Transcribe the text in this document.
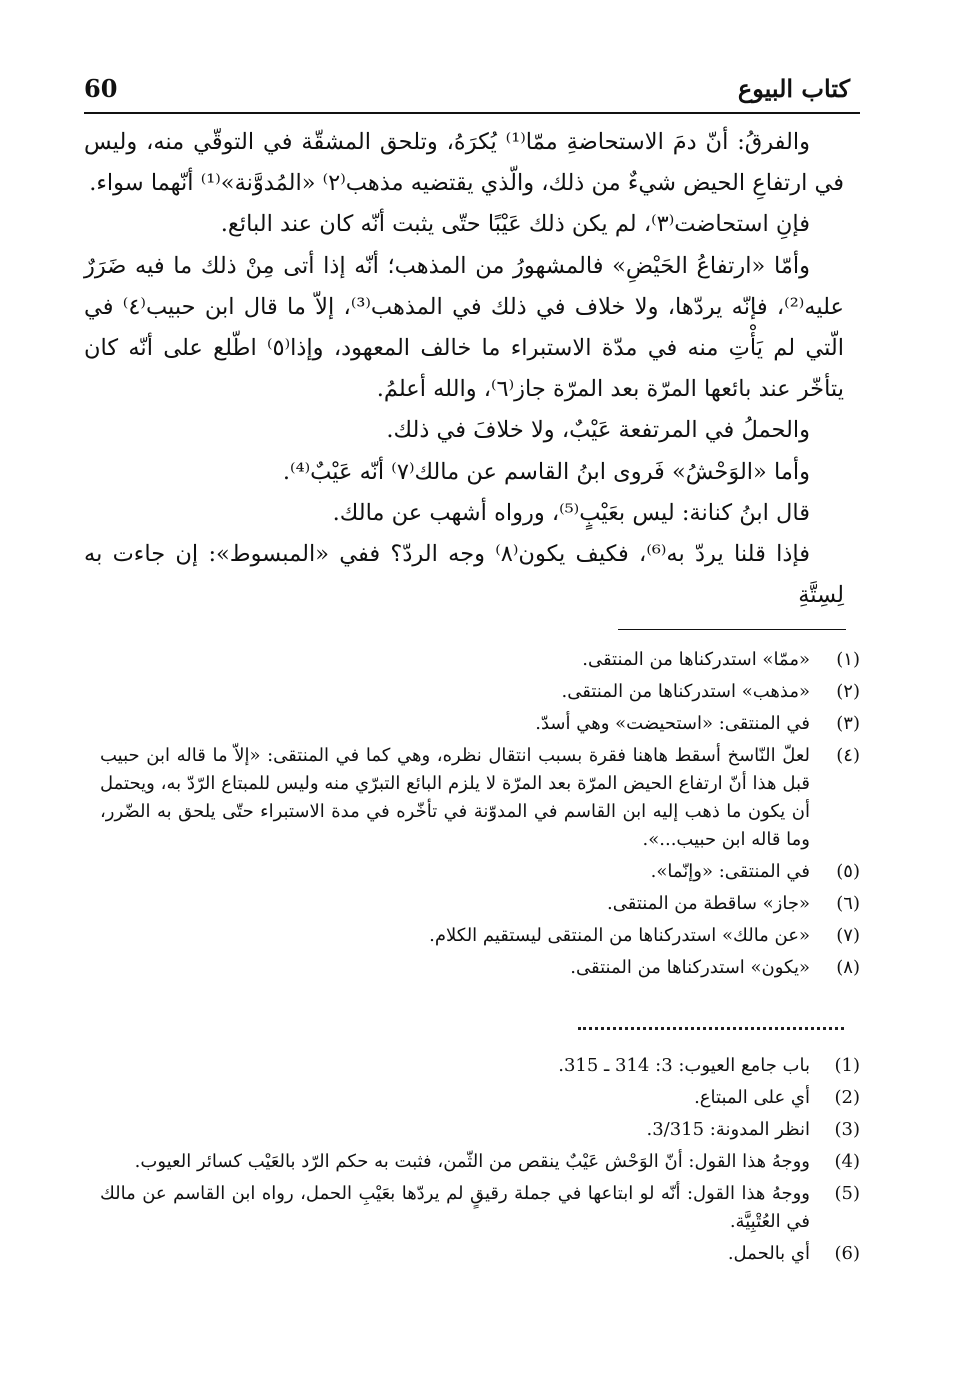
كتاب البيوع
60

والفرقُ: أنّ دمَ الاستحاضةِ ممّا⁽¹⁾ يُكرَهُ، وتلحق المشقّة في التوقّي منه، وليس في ارتفاعِ الحيض شيءٌ من ذلك، والّذي يقتضيه مذهب⁽٢⁾ «المُدوَّنة»⁽¹⁾ أنّهما سواء.

فإنِ استحاضت⁽٣⁾، لم يكن ذلك عَيْبًا حتّى يثبت أنّه كان عند البائع.

وأمّا «ارتفاعُ الحَيْضِ» فالمشهورُ من المذهب؛ أنّه إذا أتى مِنْ ذلك ما فيه ضَرَرٌ عليه⁽²⁾، فإنّه يردّها، ولا خلاف في ذلك في المذهب⁽³⁾، إلاّ ما قال ابن حبيب⁽٤⁾ في الّتي لم يَأْتِ منه في مدّة الاستبراء ما خالف المعهود، وإذا⁽٥⁾ اطّلع على أنّه كان يتأخّر عند بائعها المرّة بعد المرّة جاز⁽٦⁾، والله أعلمُ.

والحملُ في المرتفعة عَيْبٌ، ولا خلافَ في ذلك.

وأما «الوَحْشُ» فَروى ابنُ القاسم عن مالك⁽٧⁾ أنّه عَيْبٌ⁽⁴⁾.

قال ابنُ كنانة: ليس بعَيْبٍ⁽⁵⁾، ورواه أشهب عن مالك.

فإذا قلنا يردّ به⁽⁶⁾، فكيف يكون⁽٨⁾ وجه الردّ؟ ففي «المبسوط»: إن جاءت به لِسِتَّةِ

(١)
«ممّا» استدركناها من المنتقى.
(٢)
«مذهب» استدركناها من المنتقى.
(٣)
في المنتقى: «استحيضت» وهي أسدّ.
(٤)
لعلّ النّاسخ أسقط هاهنا فقرة بسبب انتقال نظره، وهي كما في المنتقى: «إلاّ ما قاله ابن حبيب قبل هذا أنّ ارتفاع الحيض المرّة بعد المرّة لا يلزم البائع التبرّي منه وليس للمبتاع الرّدّ به، ويحتمل أن يكون ما ذهب إليه ابن القاسم في المدوّنة في تأخّره في مدة الاستبراء حتّى يلحق به الضّرر، وما قاله ابن حبيب...».
(٥)
في المنتقى: «وإنّما».
(٦)
«جاز» ساقطة من المنتقى.
(٧)
«عن مالك» استدركناها من المنتقى ليستقيم الكلام.
(٨)
«يكون» استدركناها من المنتقى.
(1)
باب جامع العيوب: 3: 314 ـ 315.
(2)
أي على المبتاع.
(3)
انظر المدونة: 3/315.
(4)
ووجهُ هذا القول: أنّ الوَحْش عَيْبٌ ينقص من الثّمن، فثبت به حكم الرّد بالعَيْب كسائر العيوب.
(5)
ووجهُ هذا القول: أنّه لو ابتاعها في جملة رقيقٍ لم يردّها بعَيْبِ الحمل، رواه ابن القاسم عن مالك في العُتْبِيَّة.
(6)
أي بالحمل.
